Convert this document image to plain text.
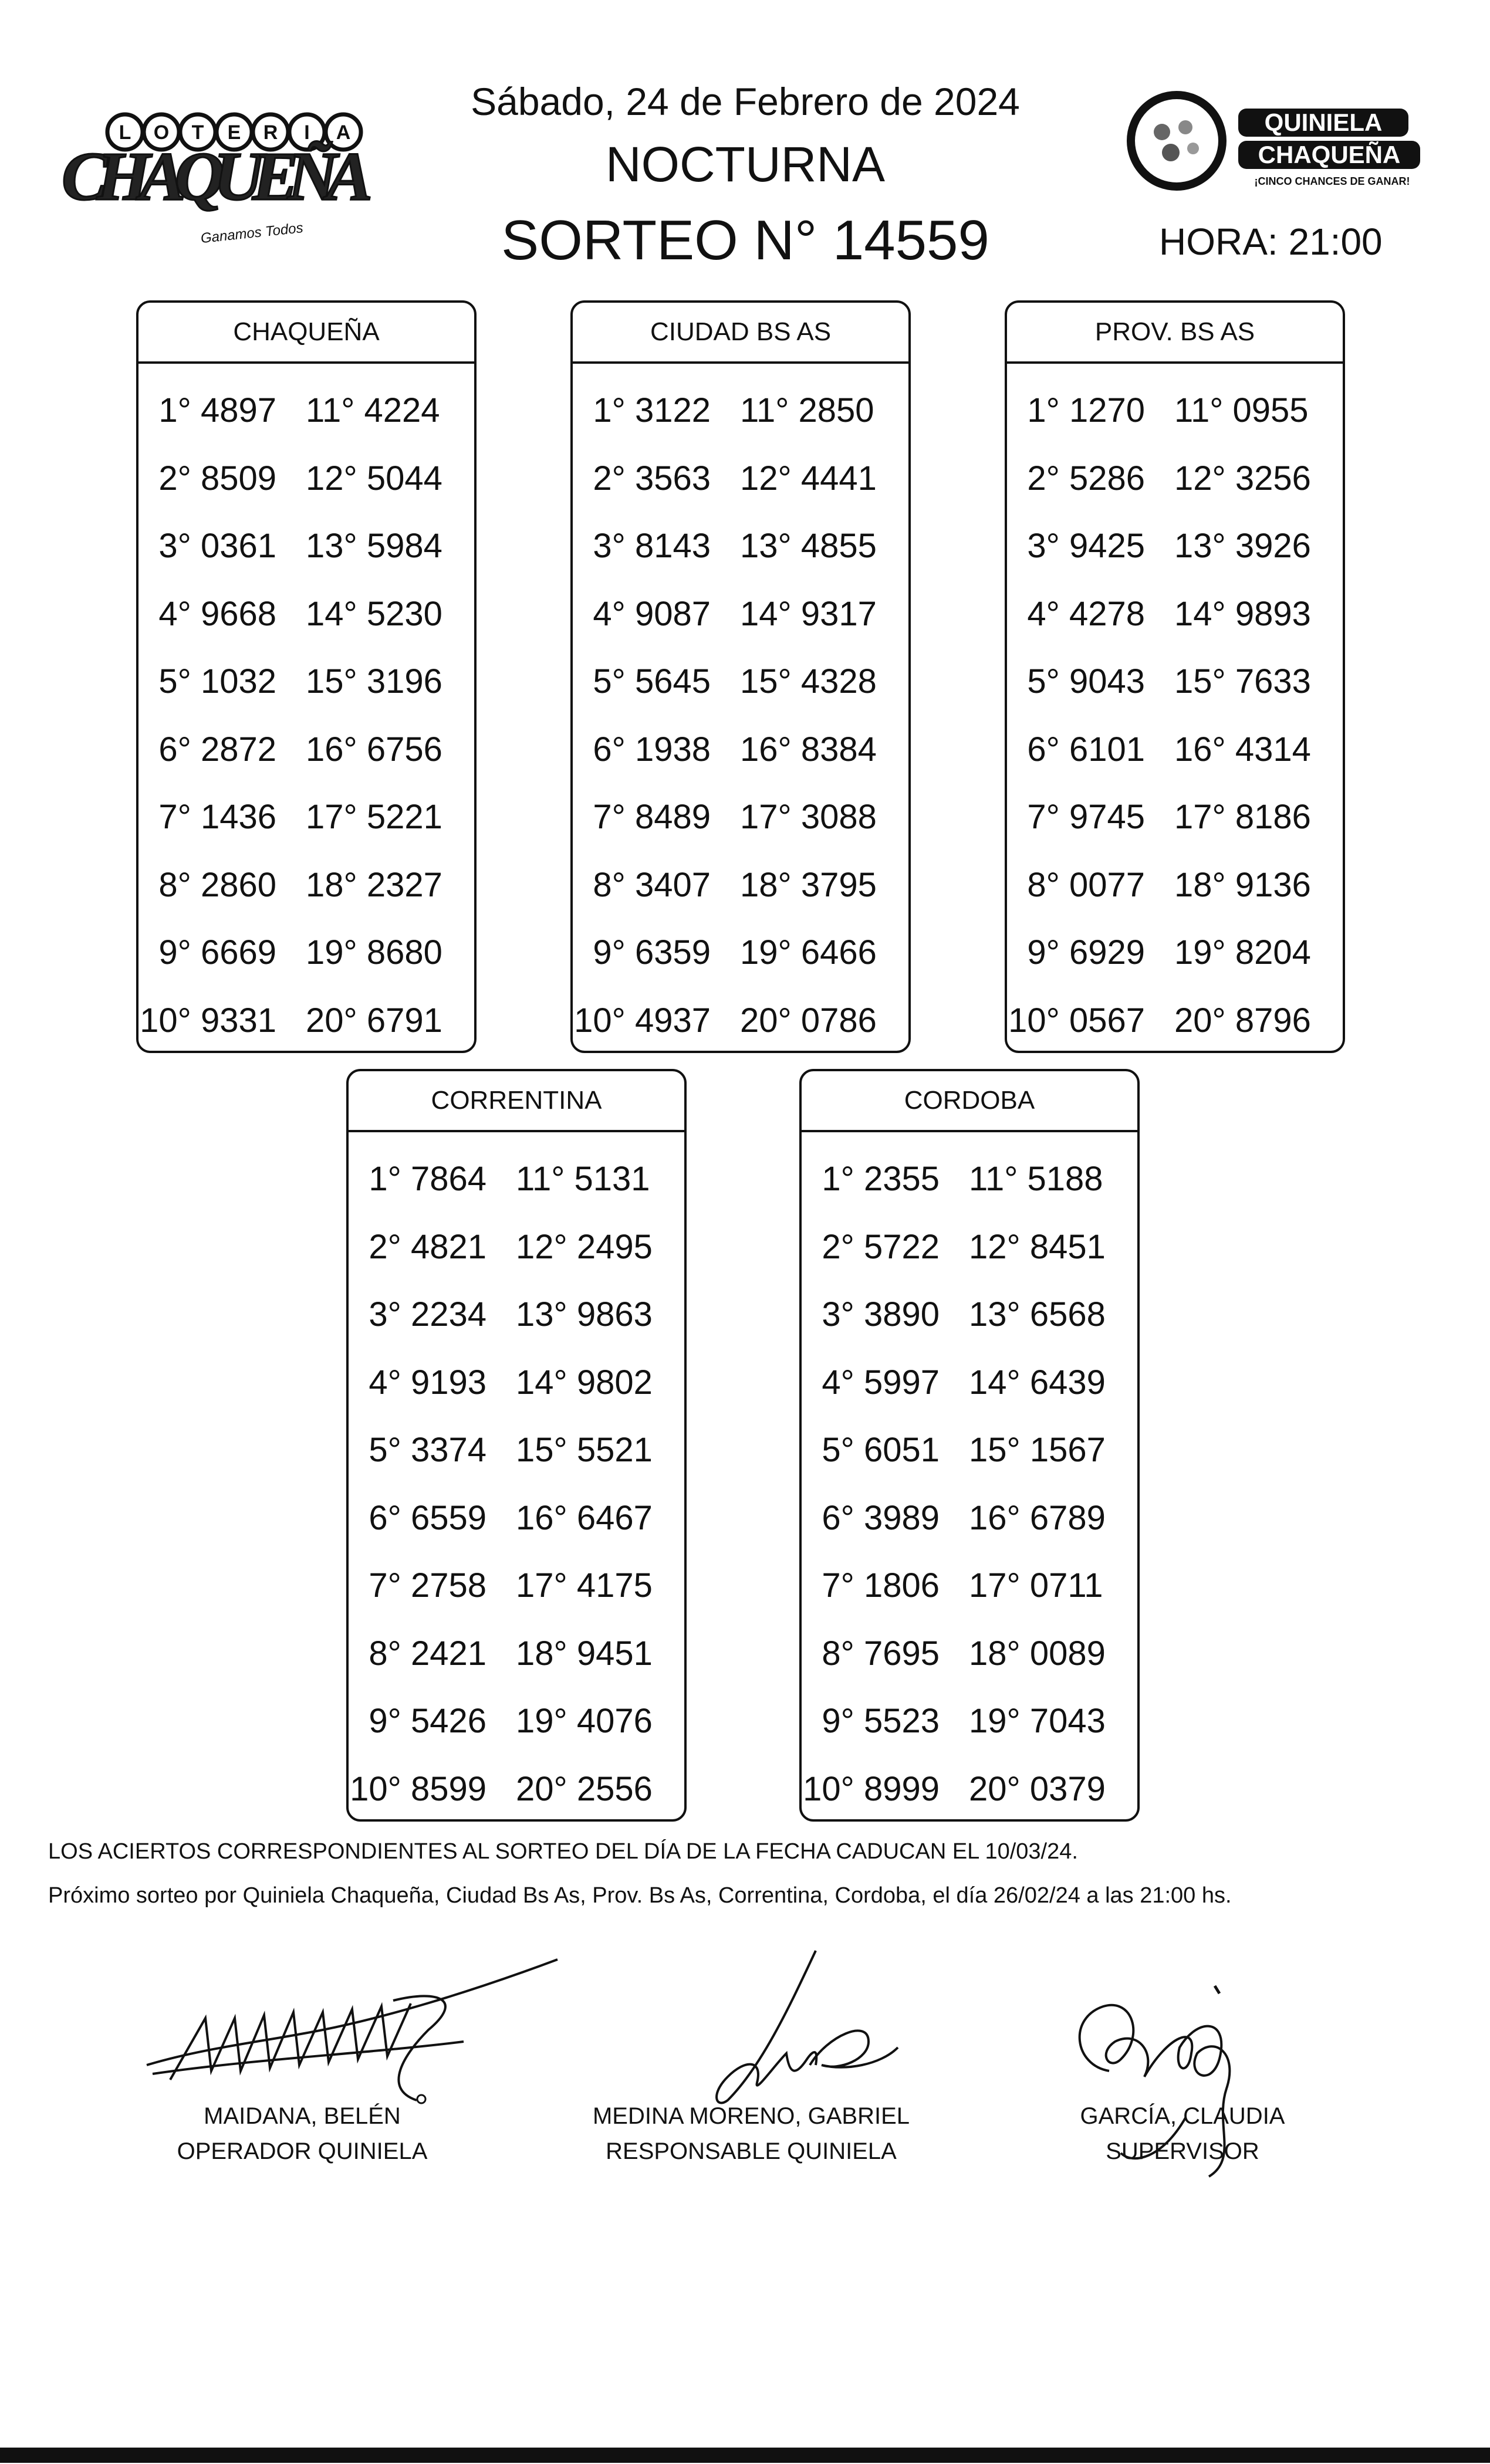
L O T E R I A
CHAQUEÑA
Ganamos Todos
QUINIELA
CHAQUEÑA
¡CINCO CHANCES DE GANAR!
Sábado, 24 de Febrero de 2024
NOCTURNA
SORTEO N° 14559	HORA: 21:00
CHAQUEÑA
1° 4897 11° 4224
2° 8509 12° 5044
3° 0361 13° 5984
4° 9668 14° 5230
5° 1032 15° 3196
6° 2872 16° 6756
7° 1436 17° 5221
8° 2860 18° 2327
9° 6669 19° 8680
10° 9331 20° 6791
CIUDAD BS AS
1° 3122 11° 2850
2° 3563 12° 4441
3° 8143 13° 4855
4° 9087 14° 9317
5° 5645 15° 4328
6° 1938 16° 8384
7° 8489 17° 3088
8° 3407 18° 3795
9° 6359 19° 6466
10° 4937 20° 0786
PROV. BS AS
1° 1270 11° 0955
2° 5286 12° 3256
3° 9425 13° 3926
4° 4278 14° 9893
5° 9043 15° 7633
6° 6101 16° 4314
7° 9745 17° 8186
8° 0077 18° 9136
9° 6929 19° 8204
10° 0567 20° 8796
CORRENTINA
1° 7864 11° 5131
2° 4821 12° 2495
3° 2234 13° 9863
4° 9193 14° 9802
5° 3374 15° 5521
6° 6559 16° 6467
7° 2758 17° 4175
8° 2421 18° 9451
9° 5426 19° 4076
10° 8599 20° 2556
CORDOBA
1° 2355 11° 5188
2° 5722 12° 8451
3° 3890 13° 6568
4° 5997 14° 6439
5° 6051 15° 1567
6° 3989 16° 6789
7° 1806 17° 0711
8° 7695 18° 0089
9° 5523 19° 7043
10° 8999 20° 0379
LOS ACIERTOS CORRESPONDIENTES AL SORTEO DEL DÍA DE LA FECHA CADUCAN EL 10/03/24.
Próximo sorteo por Quiniela Chaqueña, Ciudad Bs As, Prov. Bs As, Correntina, Cordoba, el día 26/02/24 a las 21:00 hs.
MAIDANA, BELÉN
OPERADOR QUINIELA
MEDINA MORENO, GABRIEL
RESPONSABLE QUINIELA
GARCÍA, CLAUDIA
SUPERVISOR
